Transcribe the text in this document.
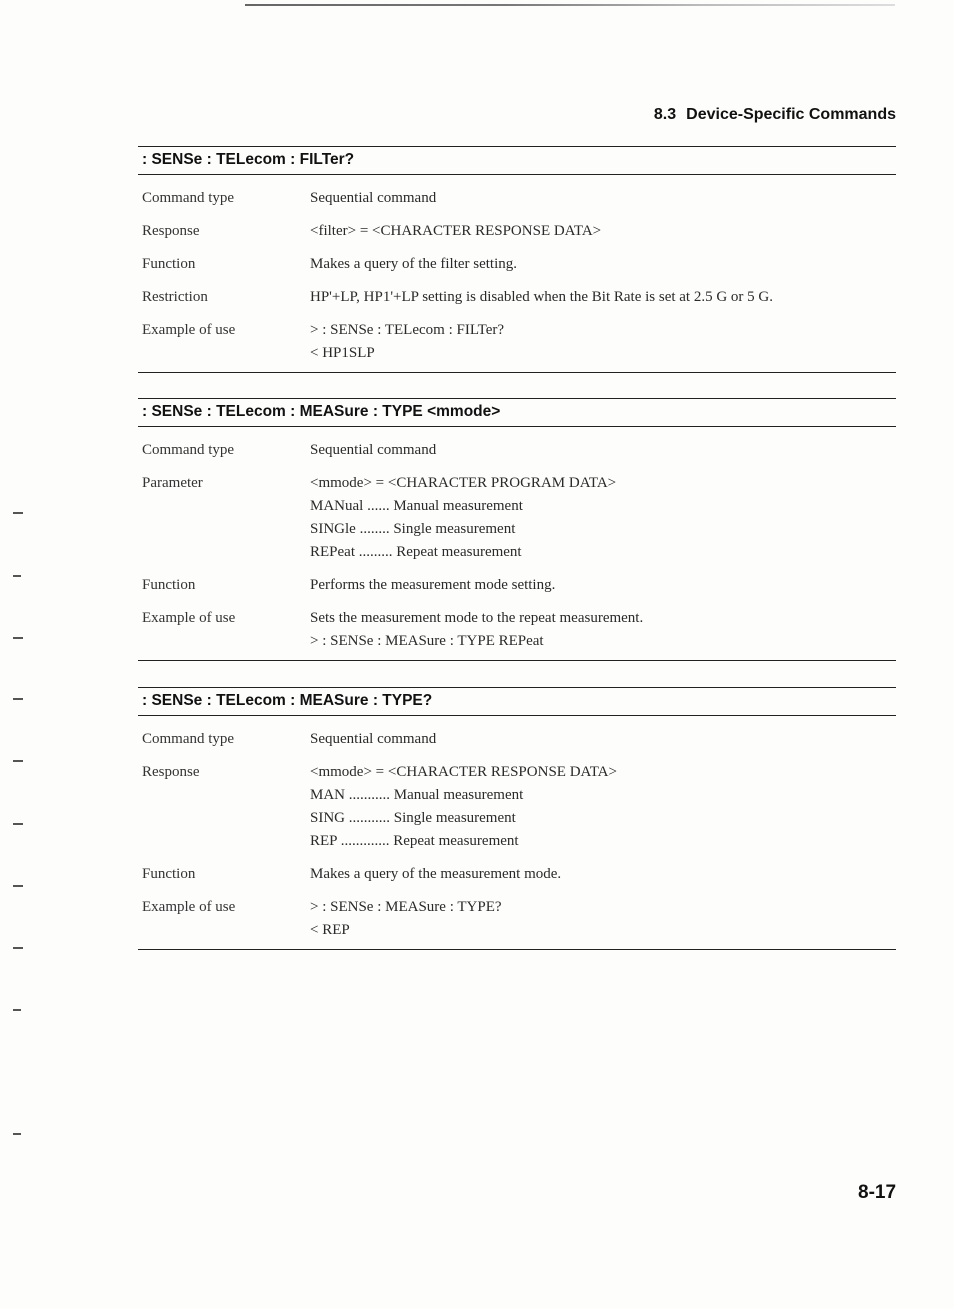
8.3 Device-Specific Commands
: SENSe : TELecom : FILTer?
Command type	Sequential command
Response	<filter> = <CHARACTER RESPONSE DATA>
Function	Makes a query of the filter setting.
Restriction	HP'+LP, HP1'+LP setting is disabled when the Bit Rate is set at 2.5 G or 5 G.
Example of use	> : SENSe : TELecom : FILTer?
< HP1SLP
: SENSe : TELecom : MEASure : TYPE <mmode>
Command type	Sequential command
Parameter	<mmode> = <CHARACTER PROGRAM DATA>
MANual ...... Manual measurement
SINGle ........ Single measurement
REPeat ......... Repeat measurement
Function	Performs the measurement mode setting.
Example of use	Sets the measurement mode to the repeat measurement.
> : SENSe : MEASure : TYPE REPeat
: SENSe : TELecom : MEASure : TYPE?
Command type	Sequential command
Response	<mmode> = <CHARACTER RESPONSE DATA>
MAN ........... Manual measurement
SING ........... Single measurement
REP ............. Repeat measurement
Function	Makes a query of the measurement mode.
Example of use	> : SENSe : MEASure : TYPE?
< REP
8-17
